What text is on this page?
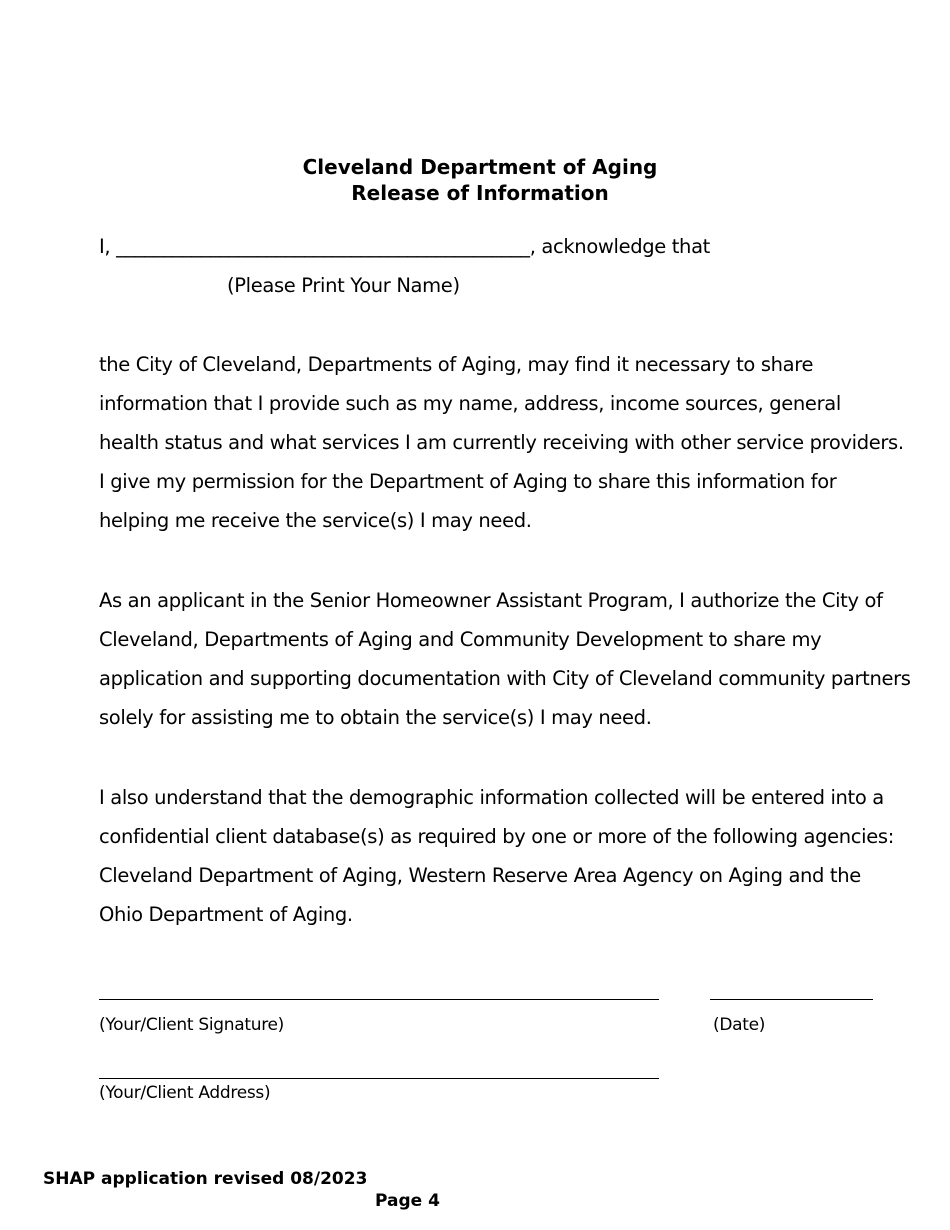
Cleveland Department of Aging
Release of Information
I, ____________________________________________, acknowledge that
(Please Print Your Name)

the City of Cleveland, Departments of Aging, may find it necessary to share
information that I provide such as my name, address, income sources, general
health status and what services I am currently receiving with other service providers.
I give my permission for the Department of Aging to share this information for
helping me receive the service(s) I may need.

As an applicant in the Senior Homeowner Assistant Program, I authorize the City of
Cleveland, Departments of Aging and Community Development to share my
application and supporting documentation with City of Cleveland community partners
solely for assisting me to obtain the service(s) I may need.

I also understand that the demographic information collected will be entered into a
confidential client database(s) as required by one or more of the following agencies:
Cleveland Department of Aging, Western Reserve Area Agency on Aging and the
Ohio Department of Aging.

(Your/Client Signature)	(Date)
(Your/Client Address)
SHAP application revised 08/2023
Page 4
